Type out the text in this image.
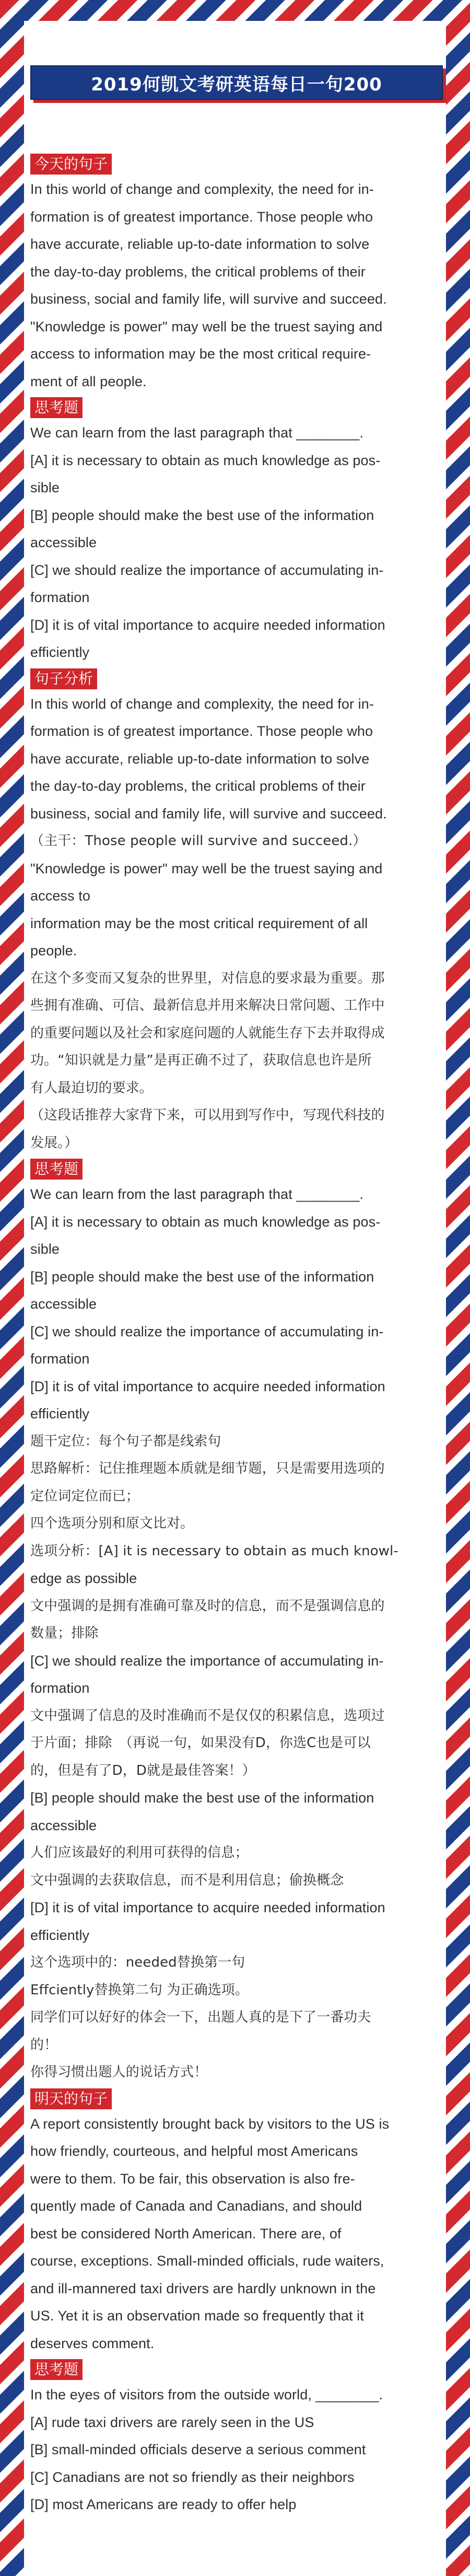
2019何凯文考研英语每日一句200
今天的句子

In this world of change and complexity, the need for in-

formation is of greatest importance. Those people who

have accurate, reliable up-to-date information to solve

the day-to-day problems, the critical problems of their

business, social and family life, will survive and succeed.

"Knowledge is power" may well be the truest saying and

access to information may be the most critical require-

ment of all people.

思考题

We can learn from the last paragraph that ________.

[A] it is necessary to obtain as much knowledge as pos-

sible

[B] people should make the best use of the information

accessible

[C] we should realize the importance of accumulating in-

formation

[D] it is of vital importance to acquire needed information

efficiently

句子分析

In this world of change and complexity, the need for in-

formation is of greatest importance. Those people who

have accurate, reliable up-to-date information to solve

the day-to-day problems, the critical problems of their

business, social and family life, will survive and succeed.

（主干：Those people will survive and succeed.）

"Knowledge is power" may well be the truest saying and

access to

information may be the most critical requirement of all

people.

在这个多变而又复杂的世界里，对信息的要求最为重要。那

些拥有准确、可信、最新信息并用来解决日常问题、工作中

的重要问题以及社会和家庭问题的人就能生存下去并取得成

功。“知识就是力量”是再正确不过了，获取信息也许是所

有人最迫切的要求。

（这段话推荐大家背下来，可以用到写作中，写现代科技的

发展。）

思考题

We can learn from the last paragraph that ________.

[A] it is necessary to obtain as much knowledge as pos-

sible

[B] people should make the best use of the information

accessible

[C] we should realize the importance of accumulating in-

formation

[D] it is of vital importance to acquire needed information

efficiently

题干定位：每个句子都是线索句

思路解析：记住推理题本质就是细节题，只是需要用选项的

定位词定位而已；

四个选项分别和原文比对。

选项分析：[A] it is necessary to obtain as much knowl-

edge as possible

文中强调的是拥有准确可靠及时的信息，而不是强调信息的

数量；排除

[C] we should realize the importance of accumulating in-

formation

文中强调了信息的及时准确而不是仅仅的积累信息，选项过

于片面；排除　（再说一句，如果没有D，你选C也是可以

的，但是有了D，D就是最佳答案！）

[B] people should make the best use of the information

accessible

人们应该最好的利用可获得的信息；

文中强调的去获取信息，而不是利用信息；偷换概念

[D] it is of vital importance to acquire needed information

efficiently

这个选项中的：needed替换第一句

Effciently替换第二句 为正确选项。

同学们可以好好的体会一下，出题人真的是下了一番功夫

的！

你得习惯出题人的说话方式！

明天的句子

A report consistently brought back by visitors to the US is

how friendly, courteous, and helpful most Americans

were to them. To be fair, this observation is also fre-

quently made of Canada and Canadians, and should

best be considered North American. There are, of

course, exceptions. Small-minded officials, rude waiters,

and ill-mannered taxi drivers are hardly unknown in the

US. Yet it is an observation made so frequently that it

deserves comment.

思考题

In the eyes of visitors from the outside world, ________.

[A] rude taxi drivers are rarely seen in the US

[B] small-minded officials deserve a serious comment

[C] Canadians are not so friendly as their neighbors

[D] most Americans are ready to offer help
